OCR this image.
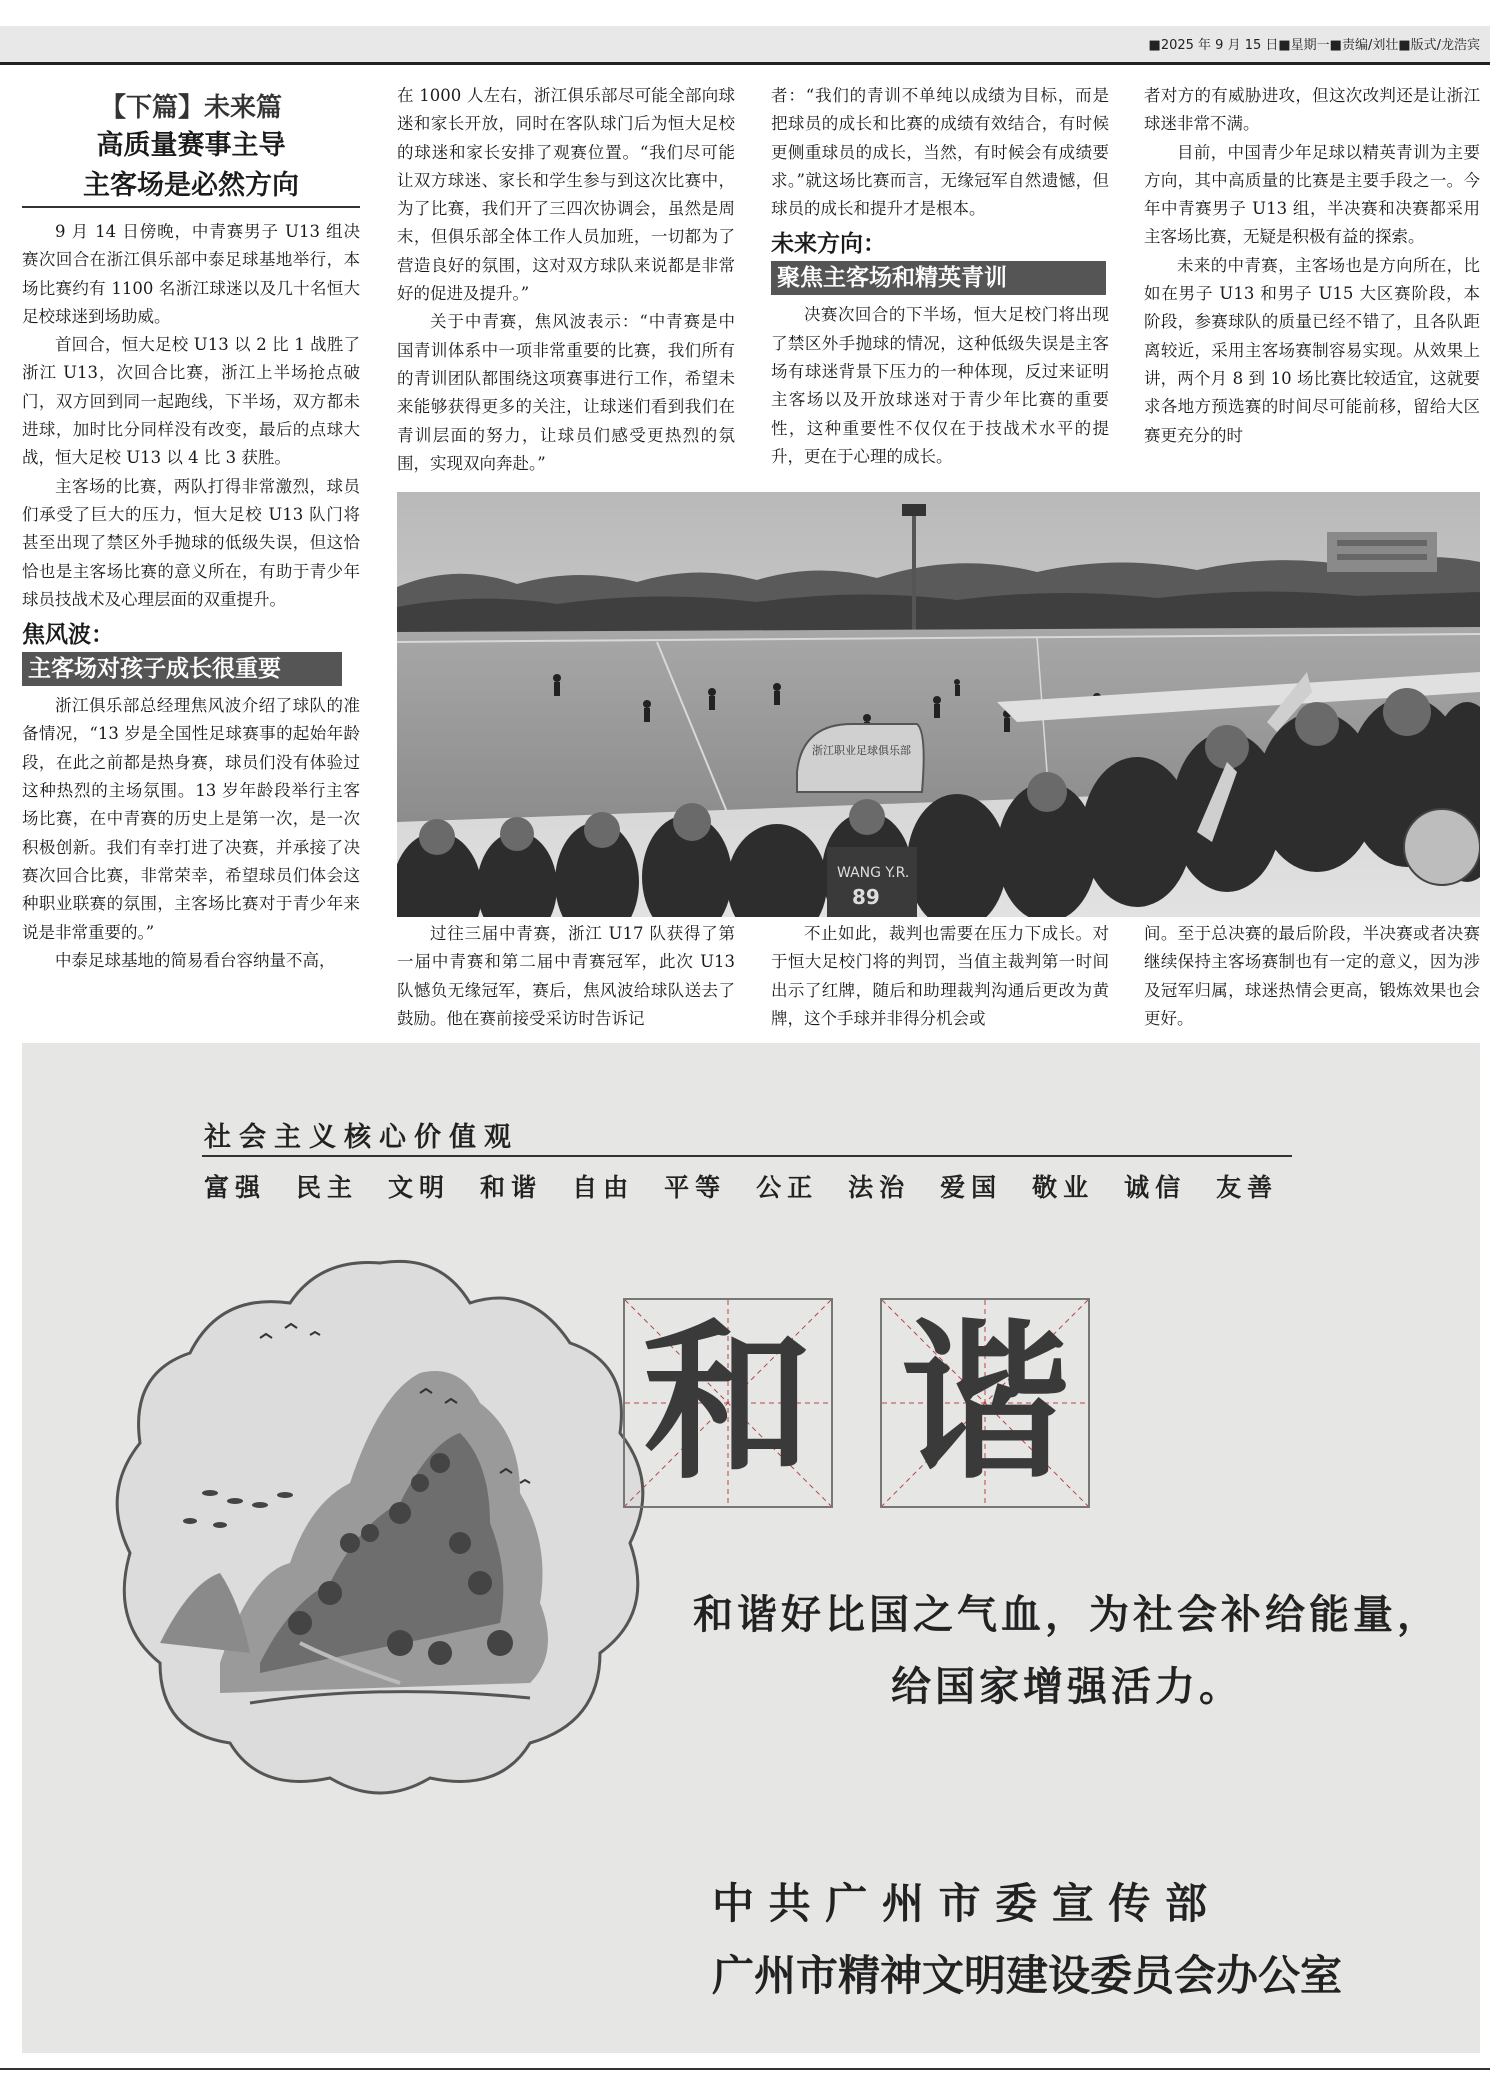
■2025 年 9 月 15 日■星期一■责编/刘壮■版式/龙浩宾
【下篇】未来篇
高质量赛事主导
主客场是必然方向

9 月 14 日傍晚，中青赛男子 U13 组决赛次回合在浙江俱乐部中泰足球基地举行，本场比赛约有 1100 名浙江球迷以及几十名恒大足校球迷到场助威。

首回合，恒大足校 U13 以 2 比 1 战胜了浙江 U13，次回合比赛，浙江上半场抢点破门，双方回到同一起跑线，下半场，双方都未进球，加时比分同样没有改变，最后的点球大战，恒大足校 U13 以 4 比 3 获胜。

主客场的比赛，两队打得非常激烈，球员们承受了巨大的压力，恒大足校 U13 队门将甚至出现了禁区外手抛球的低级失误，但这恰恰也是主客场比赛的意义所在，有助于青少年球员技战术及心理层面的双重提升。

焦风波：
主客场对孩子成长很重要

浙江俱乐部总经理焦风波介绍了球队的准备情况，“13 岁是全国性足球赛事的起始年龄段，在此之前都是热身赛，球员们没有体验过这种热烈的主场氛围。13 岁年龄段举行主客场比赛，在中青赛的历史上是第一次，是一次积极创新。我们有幸打进了决赛，并承接了决赛次回合比赛，非常荣幸，希望球员们体会这种职业联赛的氛围，主客场比赛对于青少年来说是非常重要的。”

中泰足球基地的简易看台容纳量不高，

在 1000 人左右，浙江俱乐部尽可能全部向球迷和家长开放，同时在客队球门后为恒大足校的球迷和家长安排了观赛位置。“我们尽可能让双方球迷、家长和学生参与到这次比赛中，为了比赛，我们开了三四次协调会，虽然是周末，但俱乐部全体工作人员加班，一切都为了营造良好的氛围，这对双方球队来说都是非常好的促进及提升。”

关于中青赛，焦风波表示：“中青赛是中国青训体系中一项非常重要的比赛，我们所有的青训团队都围绕这项赛事进行工作，希望未来能够获得更多的关注，让球迷们看到我们在青训层面的努力，让球员们感受更热烈的氛围，实现双向奔赴。”

者：“我们的青训不单纯以成绩为目标，而是把球员的成长和比赛的成绩有效结合，有时候更侧重球员的成长，当然，有时候会有成绩要求。”就这场比赛而言，无缘冠军自然遗憾，但球员的成长和提升才是根本。

未来方向：
聚焦主客场和精英青训

决赛次回合的下半场，恒大足校门将出现了禁区外手抛球的情况，这种低级失误是主客场有球迷背景下压力的一种体现，反过来证明主客场以及开放球迷对于青少年比赛的重要性，这种重要性不仅仅在于技战术水平的提升，更在于心理的成长。

者对方的有威胁进攻，但这次改判还是让浙江球迷非常不满。

目前，中国青少年足球以精英青训为主要方向，其中高质量的比赛是主要手段之一。今年中青赛男子 U13 组，半决赛和决赛都采用主客场比赛，无疑是积极有益的探索。

未来的中青赛，主客场也是方向所在，比如在男子 U13 和男子 U15 大区赛阶段，本阶段，参赛球队的质量已经不错了，且各队距离较近，采用主客场赛制容易实现。从效果上讲，两个月 8 到 10 场比赛比较适宜，这就要求各地方预选赛的时间尽可能前移，留给大区赛更充分的时

浙江职业足球俱乐部
WANG Y.R.
89

过往三届中青赛，浙江 U17 队获得了第一届中青赛和第二届中青赛冠军，此次 U13 队憾负无缘冠军，赛后，焦风波给球队送去了鼓励。他在赛前接受采访时告诉记

不止如此，裁判也需要在压力下成长。对于恒大足校门将的判罚，当值主裁判第一时间出示了红牌，随后和助理裁判沟通后更改为黄牌，这个手球并非得分机会或

间。至于总决赛的最后阶段，半决赛或者决赛继续保持主客场赛制也有一定的意义，因为涉及冠军归属，球迷热情会更高，锻炼效果也会更好。

社会主义核心价值观
富强 民主 文明 和谐 自由 平等 公正 法治 爱国 敬业 诚信 友善
和 谐
和谐好比国之气血，为社会补给能量，
给国家增强活力。
中 共 广 州 市 委 宣 传 部
广州市精神文明建设委员会办公室
